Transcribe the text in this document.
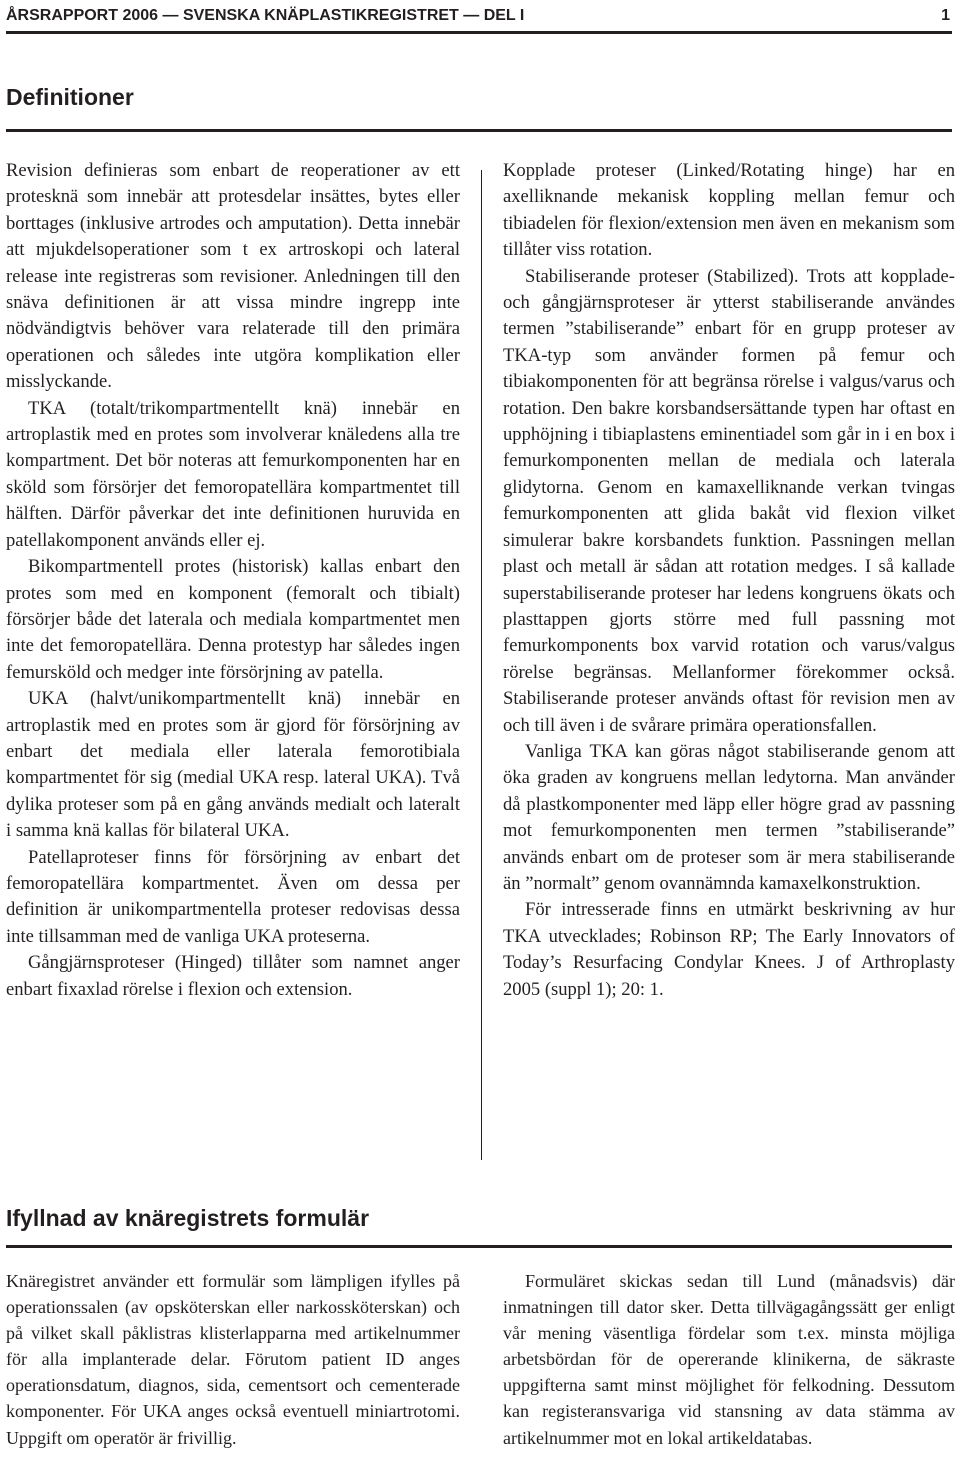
ÅRSRAPPORT 2006 — SVENSKA KNÄPLASTIKREGISTRET — DEL I	1
Definitioner

Revision definieras som enbart de reoperationer av ett protesknä som innebär att protesdelar insättes, bytes eller borttages (inklusive artrodes och amputation). Detta innebär att mjukdelsoperationer som t ex artroskopi och lateral release inte registreras som revisioner. Anledningen till den snäva definitionen är att vissa mindre ingrepp inte nödvändigtvis behöver vara relaterade till den primära operationen och således inte utgöra komplikation eller misslyckande.

TKA (totalt/trikompartmentellt knä) innebär en artroplastik med en protes som involverar knäledens alla tre kompartment. Det bör noteras att femurkomponenten har en sköld som försörjer det femoropatellära kompartmentet till hälften. Därför påverkar det inte definitionen huruvida en patellakomponent används eller ej.

Bikompartmentell protes (historisk) kallas enbart den protes som med en komponent (femoralt och tibialt) försörjer både det laterala och mediala kompartmentet men inte det femoropatellära. Denna protestyp har således ingen femursköld och medger inte försörjning av patella.

UKA (halvt/unikompartmentellt knä) innebär en artroplastik med en protes som är gjord för försörjning av enbart det mediala eller laterala femorotibiala kompartmentet för sig (medial UKA resp. lateral UKA). Två dylika proteser som på en gång används medialt och lateralt i samma knä kallas för bilateral UKA.

Patellaproteser finns för försörjning av enbart det femoropatellära kompartmentet. Även om dessa per definition är unikompartmentella proteser redovisas dessa inte tillsamman med de vanliga UKA proteserna.

Gångjärnsproteser (Hinged) tillåter som namnet anger enbart fixaxlad rörelse i flexion och extension.

Kopplade proteser (Linked/Rotating hinge) har en axelliknande mekanisk koppling mellan femur och tibiadelen för flexion/extension men även en mekanism som tillåter viss rotation.

Stabiliserande proteser (Stabilized). Trots att kopplade- och gångjärnsproteser är ytterst stabiliserande användes termen ”stabiliserande” enbart för en grupp proteser av TKA-typ som använder formen på femur och tibiakomponenten för att begränsa rörelse i valgus/varus och rotation. Den bakre korsbandsersättande typen har oftast en upphöjning i tibiaplastens eminentiadel som går in i en box i femurkomponenten mellan de mediala och laterala glidytorna. Genom en kamaxelliknande verkan tvingas femurkomponenten att glida bakåt vid flexion vilket simulerar bakre korsbandets funktion. Passningen mellan plast och metall är sådan att rotation medges. I så kallade superstabiliserande proteser har ledens kongruens ökats och plasttappen gjorts större med full passning mot femurkomponents box varvid rotation och varus/valgus rörelse begränsas. Mellanformer förekommer också. Stabiliserande proteser används oftast för revision men av och till även i de svårare primära operationsfallen.

Vanliga TKA kan göras något stabiliserande genom att öka graden av kongruens mellan ledytorna. Man använder då plastkomponenter med läpp eller högre grad av passning mot femurkomponenten men termen ”stabiliserande” används enbart om de proteser som är mera stabiliserande än ”normalt” genom ovannämnda kamaxelkonstruktion.

För intresserade finns en utmärkt beskrivning av hur TKA utvecklades; Robinson RP; The Early Innovators of Today’s Resurfacing Condylar Knees. J of Arthroplasty 2005 (suppl 1); 20: 1.

Ifyllnad av knäregistrets formulär

Knäregistret använder ett formulär som lämpligen ifylles på operationssalen (av opsköterskan eller narkossköterskan) och på vilket skall påklistras klisterlapparna med artikelnummer för alla implanterade delar. Förutom patient ID anges operationsdatum, diagnos, sida, cementsort och cementerade komponenter. För UKA anges också eventuell miniartrotomi. Uppgift om operatör är frivillig.

Formuläret skickas sedan till Lund (månadsvis) där inmatningen till dator sker. Detta tillvägagångssätt ger enligt vår mening väsentliga fördelar som t.ex. minsta möjliga arbetsbördan för de opererande klinikerna, de säkraste uppgifterna samt minst möjlighet för felkodning. Dessutom kan registeransvariga vid stansning av data stämma av artikelnummer mot en lokal artikeldatabas.
